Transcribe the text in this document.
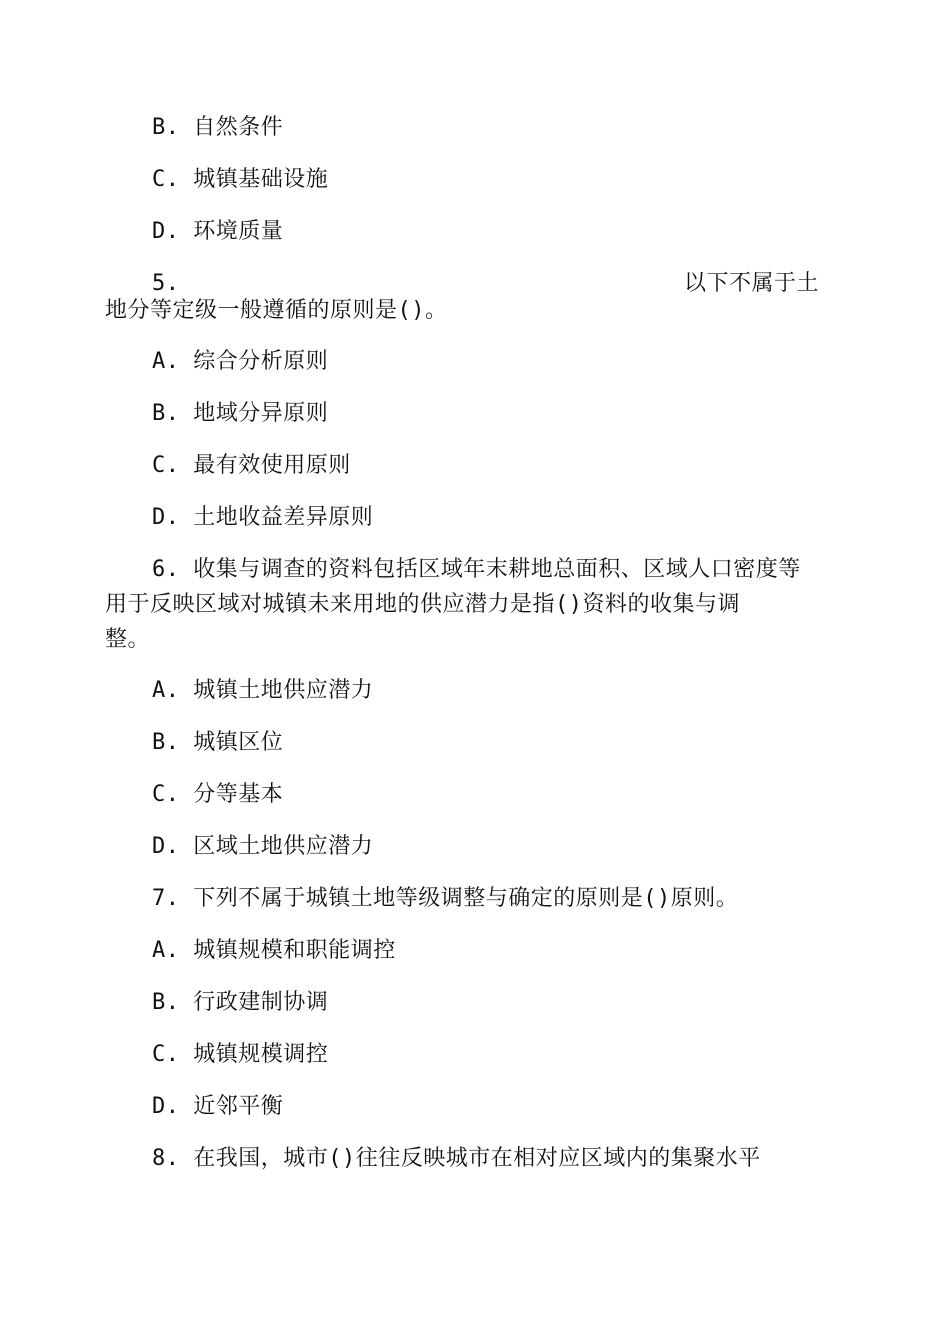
B. 自然条件
C. 城镇基础设施
D. 环境质量
5.	以下不属于土
地分等定级一般遵循的原则是()。
A. 综合分析原则
B. 地域分异原则
C. 最有效使用原则
D. 土地收益差异原则
6. 收集与调查的资料包括区域年末耕地总面积、区域人口密度等
用于反映区域对城镇未来用地的供应潜力是指()资料的收集与调
整。
A. 城镇土地供应潜力
B. 城镇区位
C. 分等基本
D. 区域土地供应潜力
7. 下列不属于城镇土地等级调整与确定的原则是()原则。
A. 城镇规模和职能调控
B. 行政建制协调
C. 城镇规模调控
D. 近邻平衡
8. 在我国，城市()往往反映城市在相对应区域内的集聚水平
